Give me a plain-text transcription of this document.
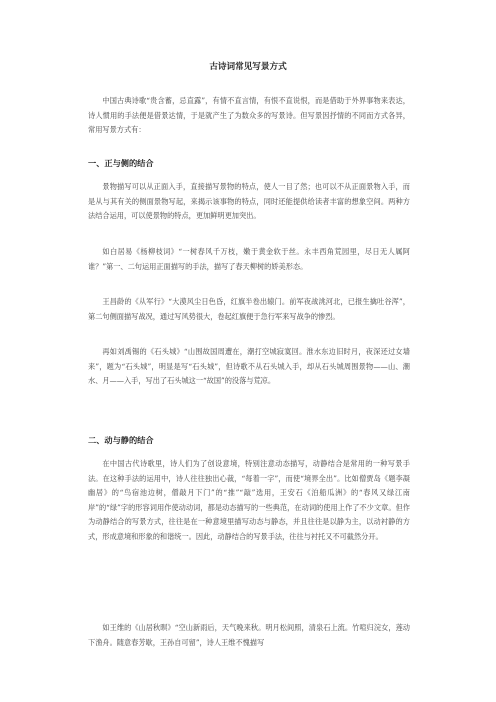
古诗词常见写景方式

中国古典诗歌“贵含蓄，忌直露”，有情不直言情，有恨不直说恨，而是借助于外界事物来表达，诗人惯用的手法便是借景达情，于是就产生了为数众多的写景诗。但写景因抒情的不同而方式各异，常用写景方式有：

一、正与侧的结合

景物描写可以从正面入手，直接描写景物的特点，使人一目了然；也可以不从正面景物入手，而是从与其有关的侧面景物写起，来揭示该事物的特点，同时还能提供给读者丰富的想象空间。两种方法结合运用，可以使景物的特点，更加鲜明更加突出。

如白居易《杨柳枝词》“一树春风千万枝，嫩于黄金软于丝。永丰西角荒园里，尽日无人属阿谁？”第一、二句运用正面描写的手法，描写了春天柳树的娇美形态。

王昌龄的《从军行》“大漠风尘日色昏，红旗半卷出辕门。前军夜战洮河北，已报生擒吐谷浑”，第二句侧面描写战况，通过写风势很大，卷起红旗便于急行军来写战争的惨烈。

再如刘禹锡的《石头城》“山围故国周遭在，潮打空城寂寞回。淮水东边旧时月，夜深还过女墙来”，题为“石头城”，明显是写“石头城”，但诗歌不从石头城入手，却从石头城周围景物——山、潮水、月——入手，写出了石头城这一“故国”的没落与荒凉。

二、动与静的结合

在中国古代诗歌里，诗人们为了创设意境，特别注意动态描写，动静结合是常用的一种写景手法。在这种手法的运用中，诗人往往独出心裁，“每着一字”，而使“境界全出”。比如僧贾岛《题李凝幽居》的“鸟宿池边树，僧敲月下门”的“推”“敲”选用，王安石《泊船瓜洲》的“春风又绿江南岸”的“绿”字的形容词用作使动动词，都是动态描写的一些典范，在动词的使用上作了不少文章。但作为动静结合的写景方式，往往是在一种意境里描写动态与静态，并且往往是以静为主，以动衬静的方式，形成意境和形象的和谐统一。因此，动静结合的写景手法，往往与衬托又不可截然分开。

如王维的《山居秋暝》“空山新雨后，天气晚来秋。明月松间照，清泉石上流。竹喧归浣女，莲动下渔舟。随意春芳歇，王孙自可留”，诗人王维不愧描写
